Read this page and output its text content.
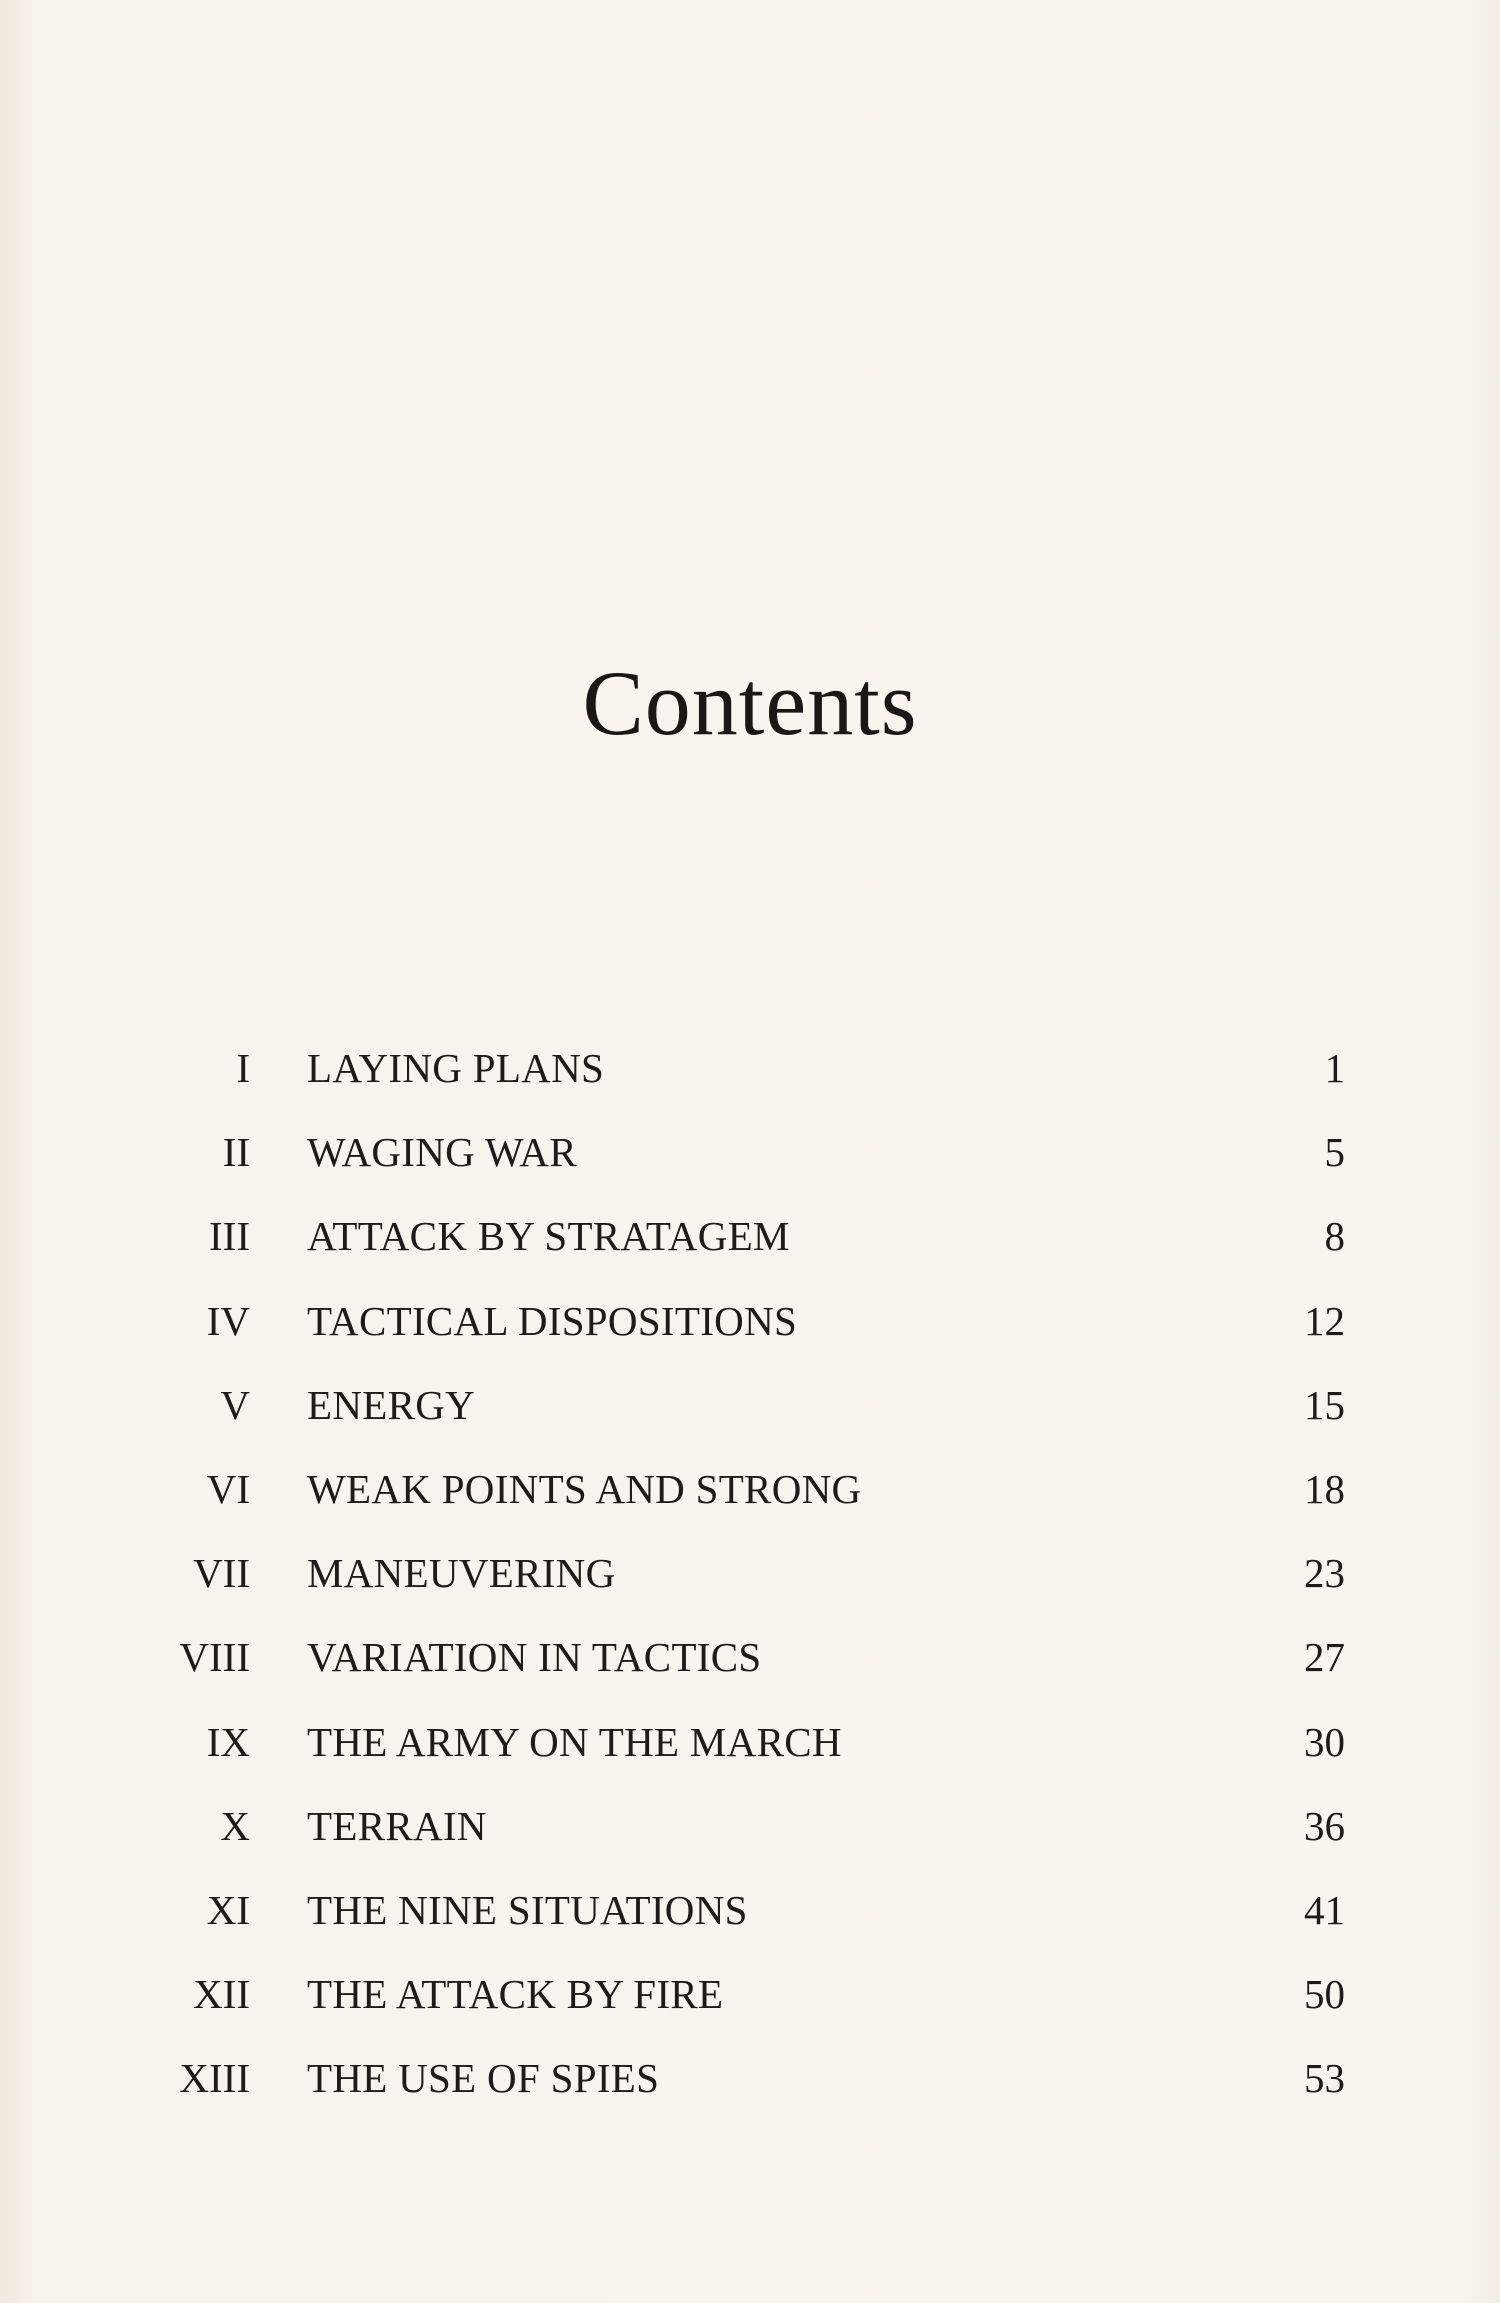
Contents
I LAYING PLANS	1
II WAGING WAR	5
III ATTACK BY STRATAGEM	8
IV TACTICAL DISPOSITIONS	12
V ENERGY	15
VI WEAK POINTS AND STRONG	18
VII MANEUVERING	23
VIII VARIATION IN TACTICS	27
IX THE ARMY ON THE MARCH	30
X TERRAIN	36
XI THE NINE SITUATIONS	41
XII THE ATTACK BY FIRE	50
XIII THE USE OF SPIES	53
